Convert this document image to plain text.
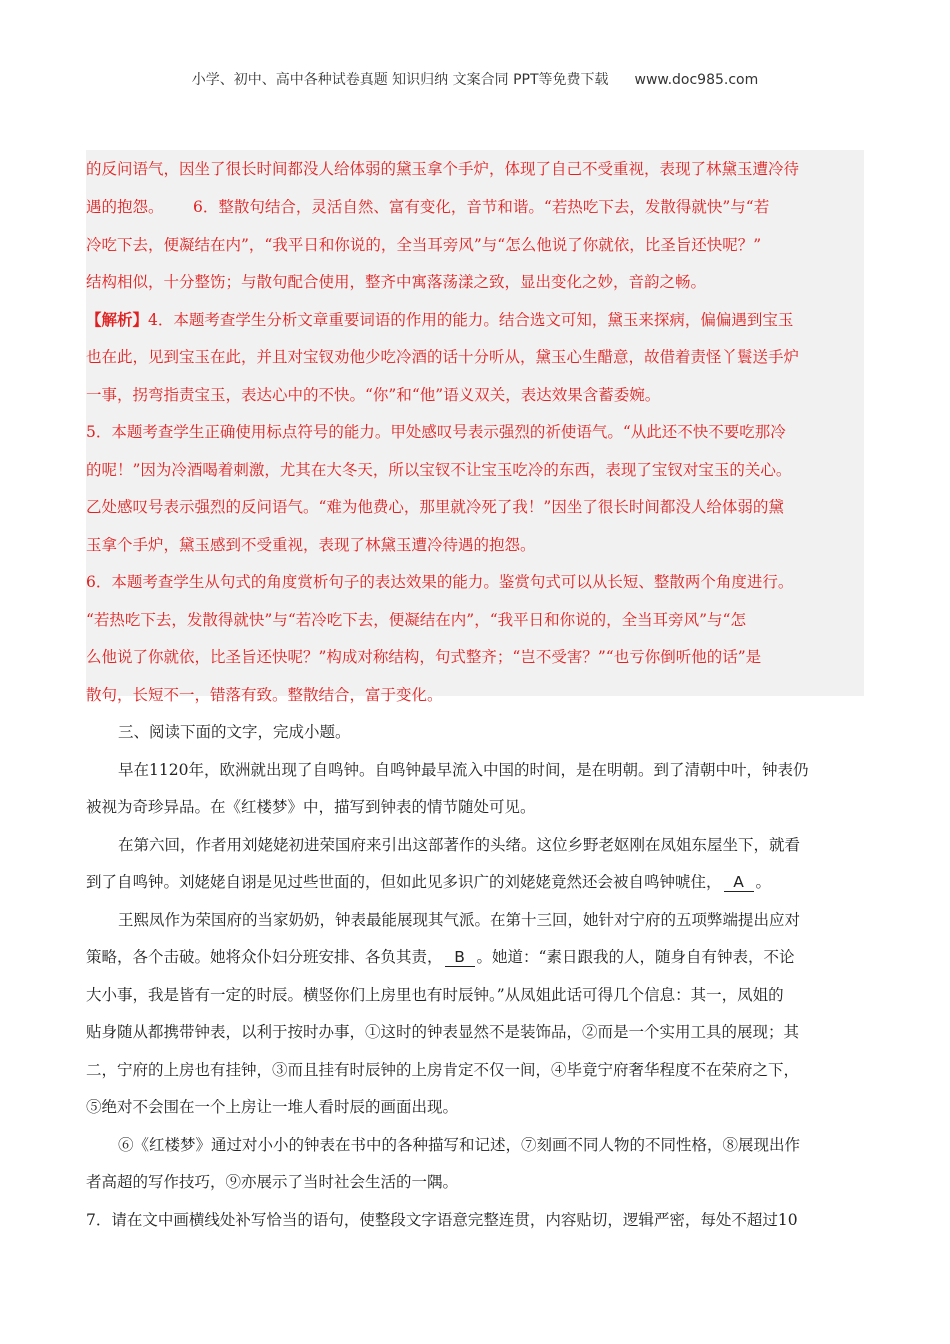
小学、初中、高中各种试卷真题 知识归纳 文案合同 PPT等免费下载 www.doc985.com
的反问语气，因坐了很长时间都没人给体弱的黛玉拿个手炉，体现了自己不受重视，表现了林黛玉遭冷待
遇的抱怨。      6．整散句结合，灵活自然、富有变化，音节和谐。“若热吃下去，发散得就快”与“若
冷吃下去，便凝结在内”，“我平日和你说的，全当耳旁风”与“怎么他说了你就依，比圣旨还快呢？”
结构相似，十分整饬；与散句配合使用，整齐中寓落荡漾之致，显出变化之妙，音韵之畅。
【解析】4．本题考查学生分析文章重要词语的作用的能力。结合选文可知，黛玉来探病，偏偏遇到宝玉
也在此，见到宝玉在此，并且对宝钗劝他少吃冷酒的话十分听从，黛玉心生醋意，故借着责怪丫鬟送手炉
一事，拐弯指责宝玉，表达心中的不快。“你”和“他”语义双关，表达效果含蓄委婉。
5．本题考查学生正确使用标点符号的能力。甲处感叹号表示强烈的祈使语气。“从此还不快不要吃那冷
的呢！”因为冷酒喝着刺激，尤其在大冬天，所以宝钗不让宝玉吃冷的东西，表现了宝钗对宝玉的关心。
乙处感叹号表示强烈的反问语气。“难为他费心，那里就冷死了我！”因坐了很长时间都没人给体弱的黛
玉拿个手炉，黛玉感到不受重视，表现了林黛玉遭冷待遇的抱怨。
6．本题考查学生从句式的角度赏析句子的表达效果的能力。鉴赏句式可以从长短、整散两个角度进行。
“若热吃下去，发散得就快”与“若冷吃下去，便凝结在内”，“我平日和你说的，全当耳旁风”与“怎
么他说了你就依，比圣旨还快呢？”构成对称结构，句式整齐；“岂不受害？”“也亏你倒听他的话”是
散句，长短不一，错落有致。整散结合，富于变化。
三、阅读下面的文字，完成小题。
早在1120年，欧洲就出现了自鸣钟。自鸣钟最早流入中国的时间，是在明朝。到了清朝中叶，钟表仍
被视为奇珍异品。在《红楼梦》中，描写到钟表的情节随处可见。
在第六回，作者用刘姥姥初进荣国府来引出这部著作的头绪。这位乡野老妪刚在凤姐东屋坐下，就看
到了自鸣钟。刘姥姥自诩是见过些世面的，但如此见多识广的刘姥姥竟然还会被自鸣钟唬住， A 。
王熙凤作为荣国府的当家奶奶，钟表最能展现其气派。在第十三回，她针对宁府的五项弊端提出应对
策略，各个击破。她将众仆妇分班安排、各负其责， B 。她道：“素日跟我的人，随身自有钟表，不论
大小事，我是皆有一定的时辰。横竖你们上房里也有时辰钟。”从凤姐此话可得几个信息：其一，凤姐的
贴身随从都携带钟表，以利于按时办事，①这时的钟表显然不是装饰品，②而是一个实用工具的展现；其
二，宁府的上房也有挂钟，③而且挂有时辰钟的上房肯定不仅一间，④毕竟宁府奢华程度不在荣府之下，
⑤绝对不会围在一个上房让一堆人看时辰的画面出现。
⑥《红楼梦》通过对小小的钟表在书中的各种描写和记述，⑦刻画不同人物的不同性格，⑧展现出作
者高超的写作技巧，⑨亦展示了当时社会生活的一隅。
7．请在文中画横线处补写恰当的语句，使整段文字语意完整连贯，内容贴切，逻辑严密，每处不超过10
